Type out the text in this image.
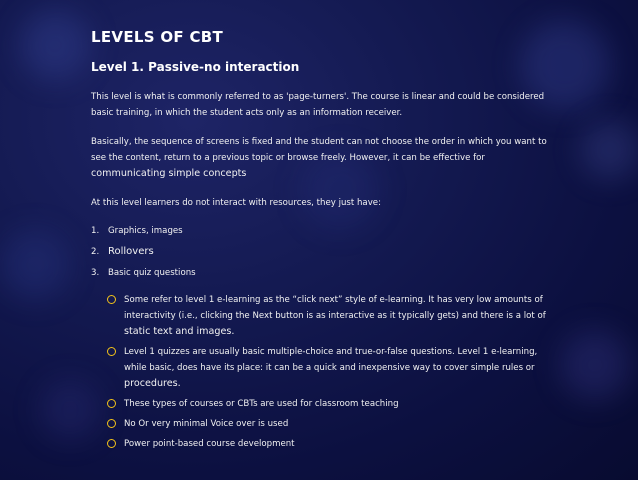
LEVELS OF CBT
Level 1. Passive-no interaction

This level is what is commonly referred to as 'page-turners'. The course is linear and could be considered basic training, in which the student acts only as an information receiver.

Basically, the sequence of screens is fixed and the student can not choose the order in which you want to see the content, return to a previous topic or browse freely. However, it can be effective for
communicating simple concepts

At this level learners do not interact with resources, they just have:

1.	Graphics, images
2. Rollovers
3.	Basic quiz questions
Some refer to level 1 e-learning as the “click next” style of e-learning. It has very low amounts of interactivity (i.e., clicking the Next button is as interactive as it typically gets) and there is a lot of static text and images.
Level 1 quizzes are usually basic multiple-choice and true-or-false questions. Level 1 e-learning, while basic, does have its place: it can be a quick and inexpensive way to cover simple rules or
procedures.
These types of courses or CBTs are used for classroom teaching
No Or very minimal Voice over is used
Power point-based course development
